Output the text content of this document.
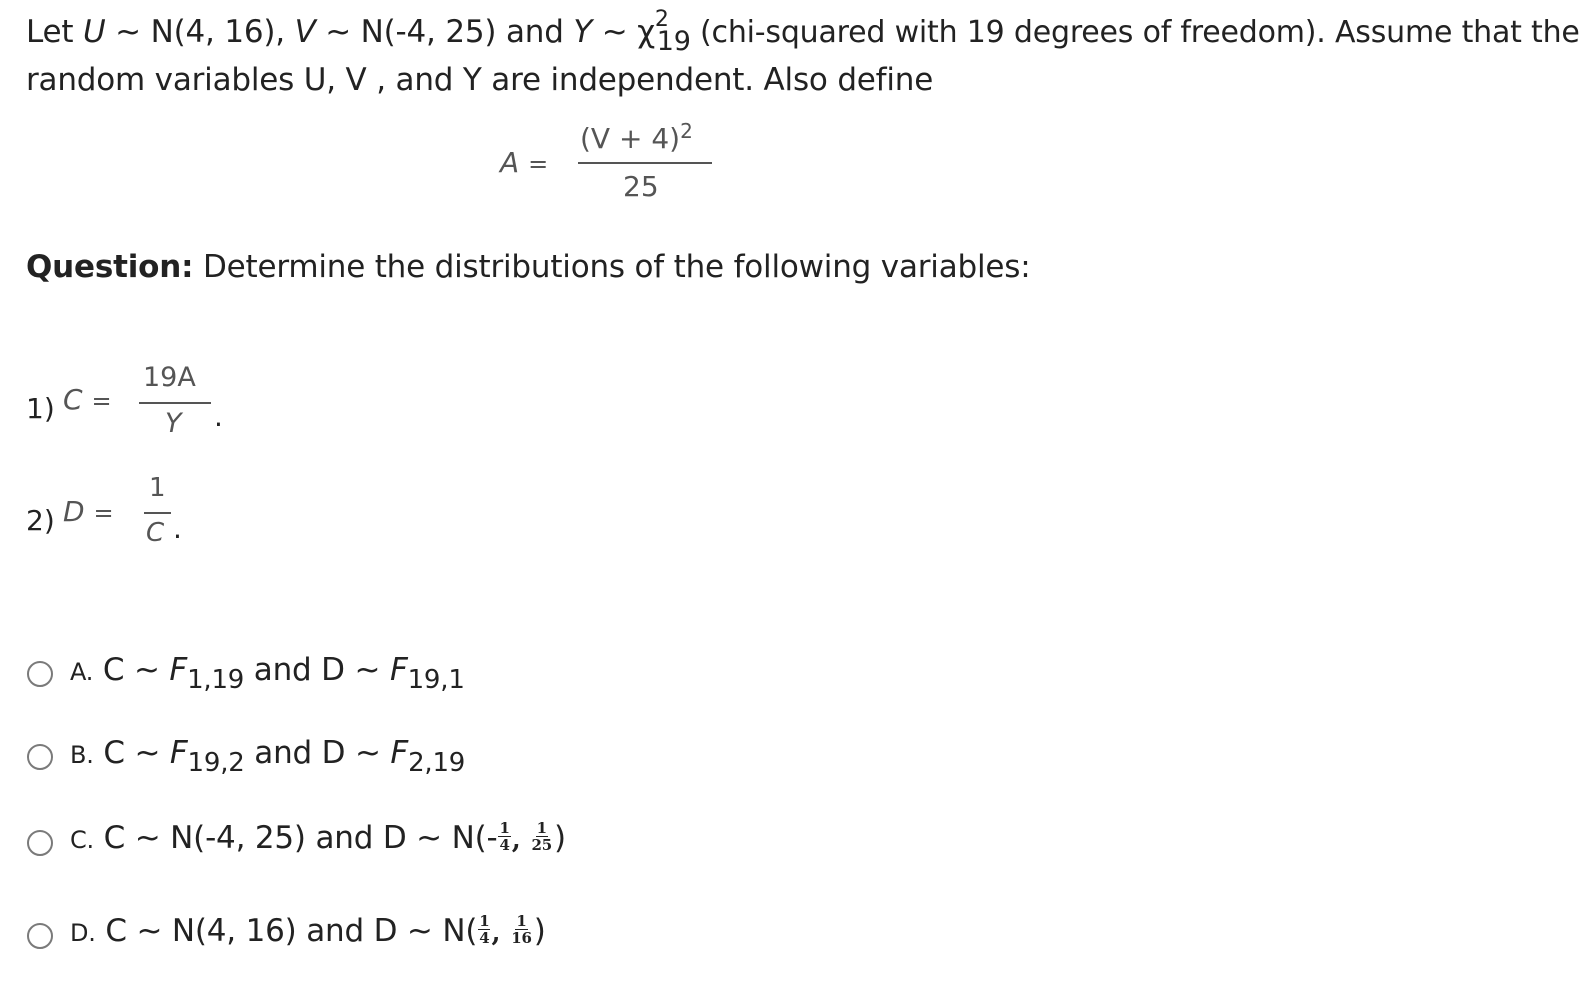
Let U ~ N(4, 16), V ~ N(-4, 25) and Y ~ $\chi^219$ (chi-squared with 19 degrees of freedom). Assume that the
random variables U, V , and Y are independent. Also define
A =
$(V + 4)^2$
25
Question: Determine the distributions of the following variables:
1) C =
19A
Y .
2) D =
1
C .
A. C ~ $F_{1,19}$ and D ~ $F_{19,1}$
B. C ~ $F_{19,2}$ and D ~ $F_{2,19}$
C. C ~ N(-4, 25) and D ~ $N(- \frac{1}{4}$ , $\frac{1}{25}$ )
D. C ~ N(4, 16) and D ~ $N( \frac{1}{4}$ , $\frac{1}{16}$ )
